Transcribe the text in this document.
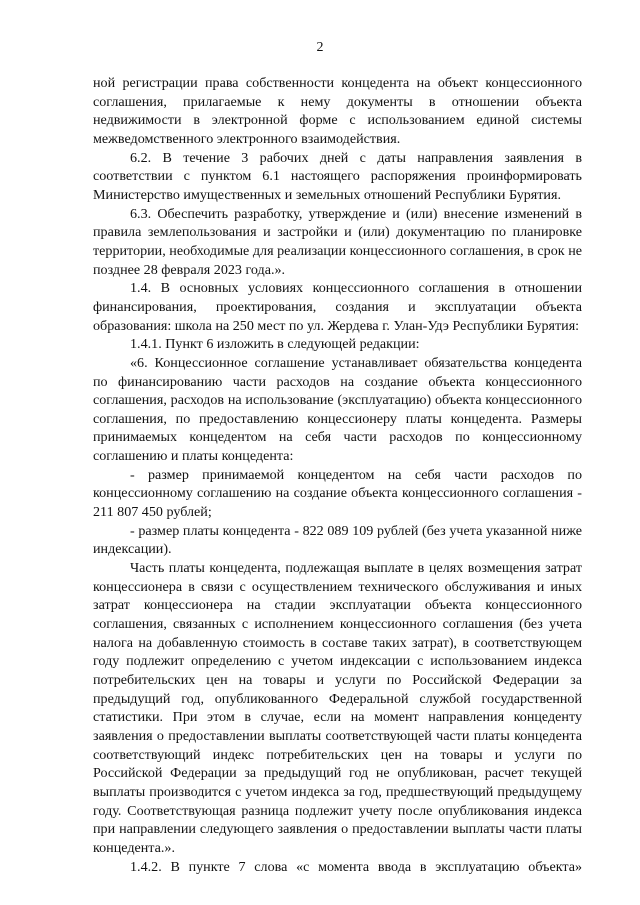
2

ной регистрации права собственности концедента на объект концессионного соглашения, прилагаемые к нему документы в отношении объекта недвижимости в электронной форме с использованием единой системы межведомственного электронного взаимодействия.

6.2. В течение 3 рабочих дней с даты направления заявления в соответствии с пунктом 6.1 настоящего распоряжения проинформировать Министерство имущественных и земельных отношений Республики Бурятия.

6.3. Обеспечить разработку, утверждение и (или) внесение изменений в правила землепользования и застройки и (или) документацию по планировке территории, необходимые для реализации концессионного соглашения, в срок не позднее 28 февраля 2023 года.».

1.4. В основных условиях концессионного соглашения в отношении финансирования, проектирования, создания и эксплуатации объекта образования: школа на 250 мест по ул. Жердева г. Улан-Удэ Республики Бурятия:

1.4.1. Пункт 6 изложить в следующей редакции:

«6. Концессионное соглашение устанавливает обязательства концедента по финансированию части расходов на создание объекта концессионного соглашения, расходов на использование (эксплуатацию) объекта концессионного соглашения, по предоставлению концессионеру платы концедента. Размеры принимаемых концедентом на себя части расходов по концессионному соглашению и платы концедента:

- размер принимаемой концедентом на себя части расходов по концессионному соглашению на создание объекта концессионного соглашения - 211 807 450 рублей;

- размер платы концедента - 822 089 109 рублей (без учета указанной ниже индексации).

Часть платы концедента, подлежащая выплате в целях возмещения затрат концессионера в связи с осуществлением технического обслуживания и иных затрат концессионера на стадии эксплуатации объекта концессионного соглашения, связанных с исполнением концессионного соглашения (без учета налога на добавленную стоимость в составе таких затрат), в соответствующем году подлежит определению с учетом индексации с использованием индекса потребительских цен на товары и услуги по Российской Федерации за предыдущий год, опубликованного Федеральной службой государственной статистики. При этом в случае, если на момент направления концеденту заявления о предоставлении выплаты соответствующей части платы концедента соответствующий индекс потребительских цен на товары и услуги по Российской Федерации за предыдущий год не опубликован, расчет текущей выплаты производится с учетом индекса за год, предшествующий предыдущему году. Соответствующая разница подлежит учету после опубликования индекса при направлении следующего заявления о предоставлении выплаты части платы концедента.».

1.4.2. В пункте 7 слова «с момента ввода в эксплуатацию объекта»
